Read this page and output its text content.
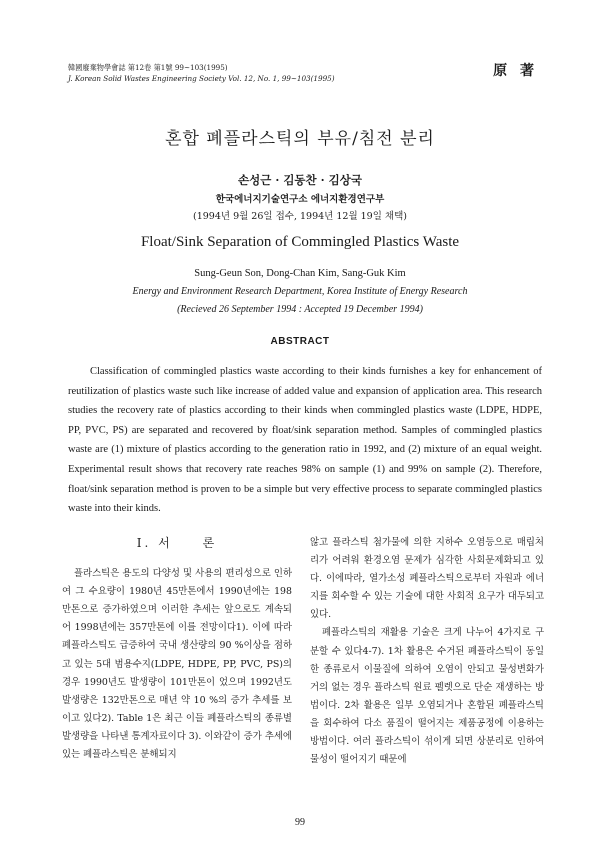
韓國廢棄物學會誌 第12卷 第1號 99~103(1995)
J. Korean Solid Wastes Engineering Society Vol. 12, No. 1, 99~103(1995)	原 著
혼합 폐플라스틱의 부유/침전 분리
손성근 · 김동찬 · 김상국
한국에너지기술연구소 에너지환경연구부
(1994년 9월 26일 접수, 1994년 12월 19일 채택)
Float/Sink Separation of Commingled Plastics Waste
Sung-Geun Son, Dong-Chan Kim, Sang-Guk Kim
Energy and Environment Research Department, Korea Institute of Energy Research
(Recieved 26 September 1994 : Accepted 19 December 1994)
ABSTRACT

Classification of commingled plastics waste according to their kinds furnishes a key for enhancement of reutilization of plastics waste such like increase of added value and expansion of application area. This research studies the recovery rate of plastics according to their kinds when commingled plastics waste (LDPE, HDPE, PP, PVC, PS) are separated and recovered by float/sink separation method. Samples of commingled plastics waste are (1) mixture of plastics according to the generation ratio in 1992, and (2) mixture of an equal weight. Experimental result shows that recovery rate reaches 98% on sample (1) and 99% on sample (2). Therefore, float/sink separation method is proven to be a simple but very effective process to separate commingled plastics waste into their kinds.

Ⅰ. 서　　론

플라스틱은 용도의 다양성 및 사용의 편리성으로 인하여 그 수요량이 1980년 45만톤에서 1990년에는 198만톤으로 증가하였으며 이러한 추세는 앞으로도 계속되어 1998년에는 357만톤에 이를 전망이다1). 이에 따라 폐플라스틱도 급증하여 국내 생산량의 90 %이상을 점하고 있는 5대 범용수지(LDPE, HDPE, PP, PVC, PS)의 경우 1990년도 발생량이 101만톤이 었으며 1992년도 발생량은 132만톤으로 매년 약 10 %의 증가 추세를 보이고 있다2). Table 1은 최근 이들 폐플라스틱의 종류별 발생량을 나타낸 통계자료이다 3). 이와같이 증가 추세에 있는 폐플라스틱은 분해되지

않고 플라스틱 첨가물에 의한 지하수 오염등으로 매립처리가 어려워 환경오염 문제가 심각한 사회문제화되고 있다. 이에따라, 열가소성 폐플라스틱으로부터 자원과 에너지를 회수할 수 있는 기술에 대한 사회적 요구가 대두되고 있다.

폐플라스틱의 재활용 기술은 크게 나누어 4가지로 구분할 수 있다4-7). 1차 활용은 수거된 폐플라스틱이 동일한 종류로서 이물질에 의하여 오염이 안되고 물성변화가 거의 없는 경우 플라스틱 원료 펠렛으로 단순 재생하는 방법이다. 2차 활용은 일부 오염되거나 혼합된 폐플라스틱을 회수하여 다소 품질이 떨어지는 제품공정에 이용하는 방법이다. 여러 플라스틱이 섞이게 되면 상분리로 인하여 물성이 떨어지기 때문에

99
